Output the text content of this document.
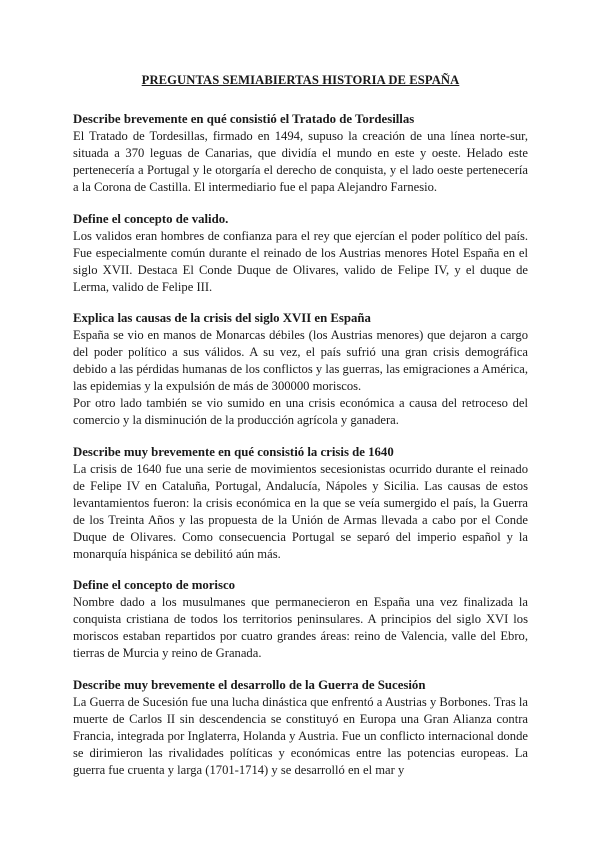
PREGUNTAS SEMIABIERTAS HISTORIA DE ESPAÑA
Describe brevemente en qué consistió el Tratado de Tordesillas

El Tratado de Tordesillas, firmado en 1494, supuso la creación de una línea norte-sur, situada a 370 leguas de Canarias, que dividía el mundo en este y oeste. Helado este pertenecería a Portugal y le otorgaría el derecho de conquista, y el lado oeste pertenecería a la Corona de Castilla. El intermediario fue el papa Alejandro Farnesio.

Define el concepto de valido.

Los validos eran hombres de confianza para el rey que ejercían el poder político del país. Fue especialmente común durante el reinado de los Austrias menores Hotel España en el siglo XVII. Destaca El Conde Duque de Olivares, valido de Felipe IV, y el duque de Lerma, valido de Felipe III.

Explica las causas de la crisis del siglo XVII en España

España se vio en manos de Monarcas débiles (los Austrias menores) que dejaron a cargo del poder político a sus válidos. A su vez, el país sufrió una gran crisis demográfica debido a las pérdidas humanas de los conflictos y las guerras, las emigraciones a América, las epidemias y la expulsión de más de 300000 moriscos.

Por otro lado también se vio sumido en una crisis económica a causa del retroceso del comercio y la disminución de la producción agrícola y ganadera.

Describe muy brevemente en qué consistió la crisis de 1640

La crisis de 1640 fue una serie de movimientos secesionistas ocurrido durante el reinado de Felipe IV en Cataluña, Portugal, Andalucía, Nápoles y Sicilia. Las causas de estos levantamientos fueron: la crisis económica en la que se veía sumergido el país, la Guerra de los Treinta Años y las propuesta de la Unión de Armas llevada a cabo por el Conde Duque de Olivares. Como consecuencia Portugal se separó del imperio español y la monarquía hispánica se debilitó aún más.

Define el concepto de morisco

Nombre dado a los musulmanes que permanecieron en España una vez finalizada la conquista cristiana de todos los territorios peninsulares. A principios del siglo XVI los moriscos estaban repartidos por cuatro grandes áreas: reino de Valencia, valle del Ebro, tierras de Murcia y reino de Granada.

Describe muy brevemente el desarrollo de la Guerra de Sucesión

La Guerra de Sucesión fue una lucha dinástica que enfrentó a Austrias y Borbones. Tras la muerte de Carlos II sin descendencia se constituyó en Europa una Gran Alianza contra Francia, integrada por Inglaterra, Holanda y Austria. Fue un conflicto internacional donde se dirimieron las rivalidades políticas y económicas entre las potencias europeas. La guerra fue cruenta y larga (1701-1714) y se desarrolló en el mar y
